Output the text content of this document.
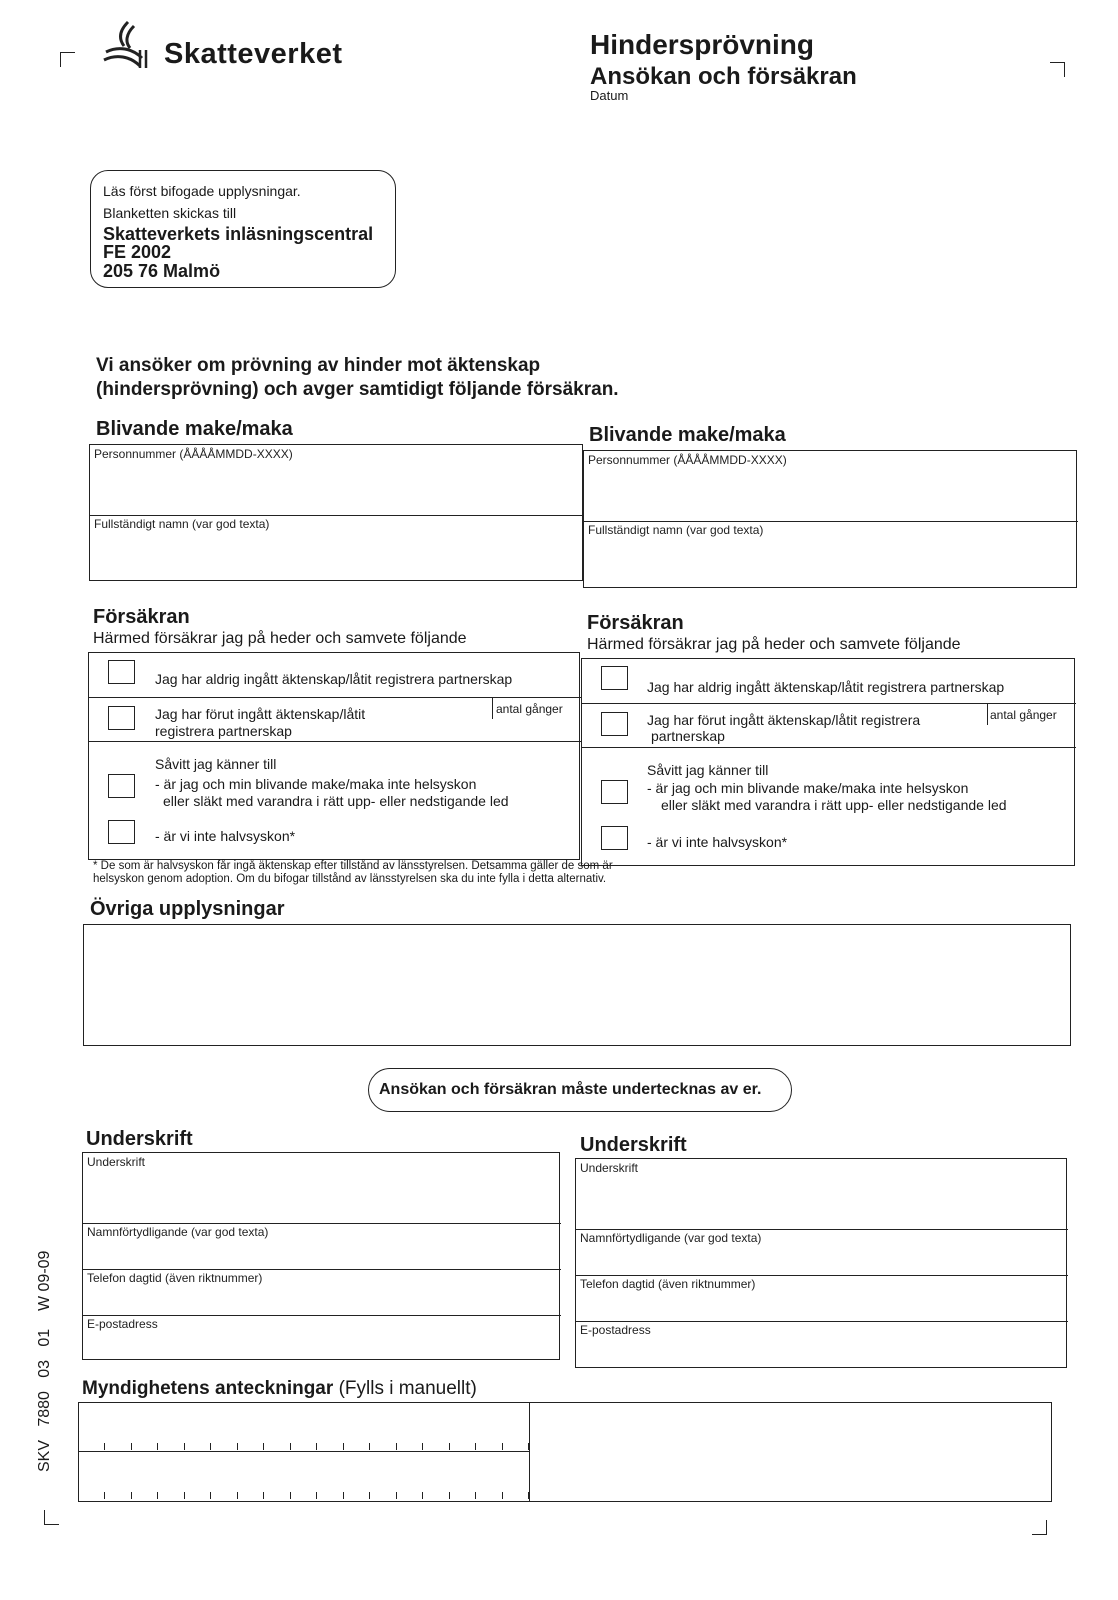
Skatteverket	Hindersprövning
Ansökan och försäkran
Datum
Läs först bifogade upplysningar.
Blanketten skickas till
Skatteverkets inläsningscentral
FE 2002
205 76 Malmö
Vi ansöker om prövning av hinder mot äktenskap
(hindersprövning) och avger samtidigt följande försäkran.
Blivande make/maka	Blivande make/maka
Personnummer (ÅÅÅÅMMDD-XXXX)
Fullständigt namn (var god texta)
Personnummer (ÅÅÅÅMMDD-XXXX)
Fullständigt namn (var god texta)
Försäkran
Härmed försäkrar jag på heder och samvete följande
Försäkran
Härmed försäkrar jag på heder och samvete följande
Jag har aldrig ingått äktenskap/låtit registrera partnerskap
Jag har förut ingått äktenskap/låtit
registrera partnerskap
antal gånger
Såvitt jag känner till
- är jag och min blivande make/maka inte helsyskon
eller släkt med varandra i rätt upp- eller nedstigande led
- är vi inte halvsyskon*
Jag har aldrig ingått äktenskap/låtit registrera partnerskap
Jag har förut ingått äktenskap/låtit registrera
partnerskap
antal gånger
Såvitt jag känner till
- är jag och min blivande make/maka inte helsyskon
eller släkt med varandra i rätt upp- eller nedstigande led
- är vi inte halvsyskon*
* De som är halvsyskon får ingå äktenskap efter tillstånd av länsstyrelsen. Detsamma gäller de som är
helsyskon genom adoption. Om du bifogar tillstånd av länsstyrelsen ska du inte fylla i detta alternativ.
Övriga upplysningar
Ansökan och försäkran måste undertecknas av er.
Underskrift	Underskrift
Underskrift
Namnförtydligande (var god texta)
Telefon dagtid (även riktnummer)
E-postadress
Underskrift
Namnförtydligande (var god texta)
Telefon dagtid (även riktnummer)
E-postadress
Myndighetens anteckningar (Fylls i manuellt)
SKV   7880   03   01    W 09-09
